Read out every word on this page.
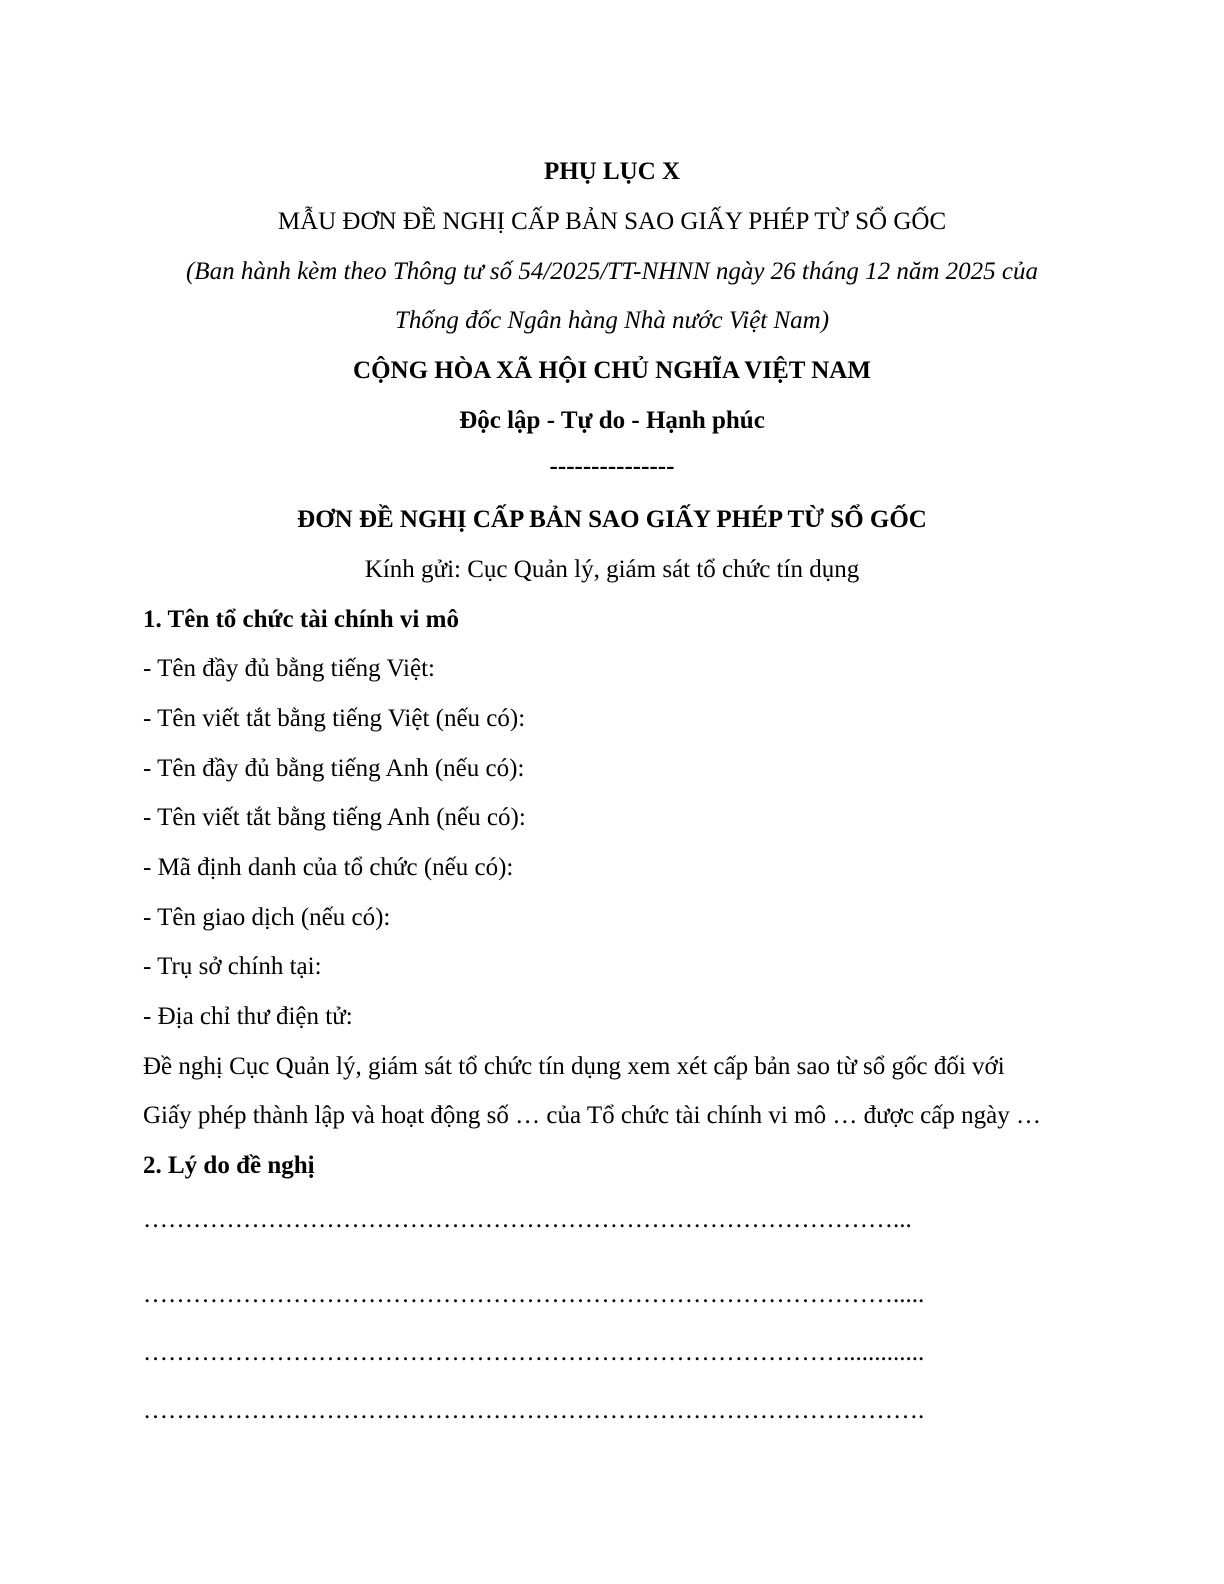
PHỤ LỤC X
MẪU ĐƠN ĐỀ NGHỊ CẤP BẢN SAO GIẤY PHÉP TỪ SỔ GỐC
(Ban hành kèm theo Thông tư số 54/2025/TT-NHNN ngày 26 tháng 12 năm 2025 của
Thống đốc Ngân hàng Nhà nước Việt Nam)
CỘNG HÒA XÃ HỘI CHỦ NGHĨA VIỆT NAM
Độc lập - Tự do - Hạnh phúc
---------------
ĐƠN ĐỀ NGHỊ CẤP BẢN SAO GIẤY PHÉP TỪ SỔ GỐC
Kính gửi: Cục Quản lý, giám sát tổ chức tín dụng
1. Tên tổ chức tài chính vi mô
- Tên đầy đủ bằng tiếng Việt:
- Tên viết tắt bằng tiếng Việt (nếu có):
- Tên đầy đủ bằng tiếng Anh (nếu có):
- Tên viết tắt bằng tiếng Anh (nếu có):
- Mã định danh của tổ chức (nếu có):
- Tên giao dịch (nếu có):
- Trụ sở chính tại:
- Địa chỉ thư điện tử:
Đề nghị Cục Quản lý, giám sát tổ chức tín dụng xem xét cấp bản sao từ sổ gốc đối với
Giấy phép thành lập và hoạt động số … của Tổ chức tài chính vi mô … được cấp ngày …
2. Lý do đề nghị
………………………………………………………………………………...
……………………………………………………………………………….....
………………………………………………………………………….............
………………………………………………………………………………….
